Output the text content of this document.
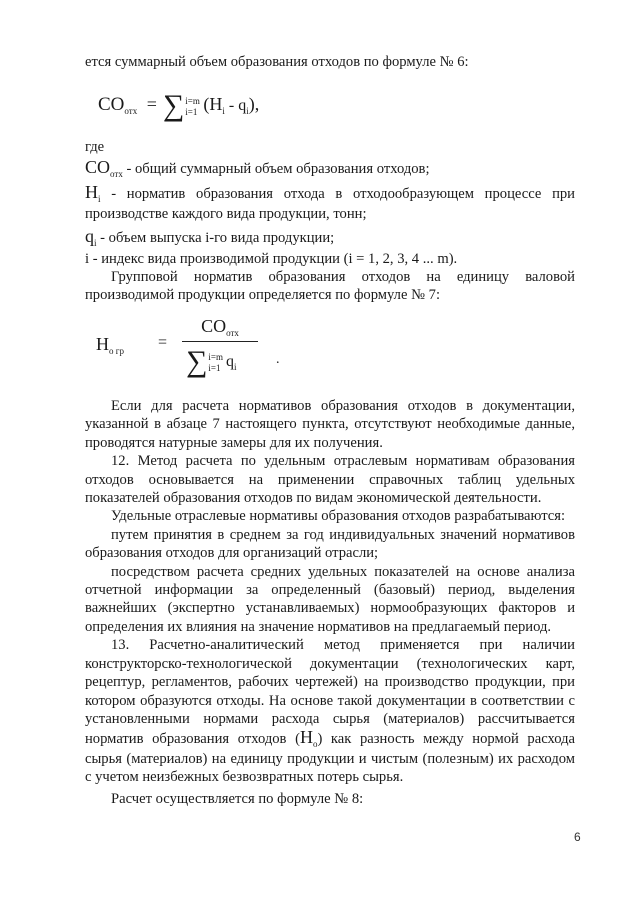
ется суммарный объем образования отходов по формуле № 6:

$CO_{отх}$ = ∑ i=m
i=1 $(H_i - q_i)$,

где

$CO_{отх}$ - общий суммарный объем образования отходов;

$H_i$ - норматив образования отхода в отходообразующем процессе при производстве каждого вида продукции, тонн;

$q_i$ - объем выпуска i-го вида продукции;

i - индекс вида производимой продукции (i = 1, 2, 3, 4 ... m).

Групповой норматив образования отходов на единицу валовой производимой продукции определяется по формуле № 7:

$H_{о гр}$ =
$CO_{отх}$
∑ i=m
i=1 $q_i$	.

Если для расчета нормативов образования отходов в документации, указанной в абзаце 7 настоящего пункта, отсутствуют необходимые данные, проводятся натурные замеры для их получения.

12. Метод расчета по удельным отраслевым нормативам образования отходов основывается на применении справочных таблиц удельных показателей образования отходов по видам экономической деятельности.

Удельные отраслевые нормативы образования отходов разрабатываются:

путем принятия в среднем за год индивидуальных значений нормативов образования отходов для организаций отрасли;

посредством расчета средних удельных показателей на основе анализа отчетной информации за определенный (базовый) период, выделения важнейших (экспертно устанавливаемых) нормообразующих факторов и определения их влияния на значение нормативов на предлагаемый период.

13. Расчетно-аналитический метод применяется при наличии конструкторско-технологической документации (технологических карт, рецептур, регламентов, рабочих чертежей) на производство продукции, при котором образуются отходы. На основе такой документации в соответствии с установленными нормами расхода сырья (материалов) рассчитывается норматив образования отходов $(H_о)$ как разность между нормой расхода сырья (материалов) на единицу продукции и чистым (полезным) их расходом с учетом неизбежных безвозвратных потерь сырья.

Расчет осуществляется по формуле № 8:

6
